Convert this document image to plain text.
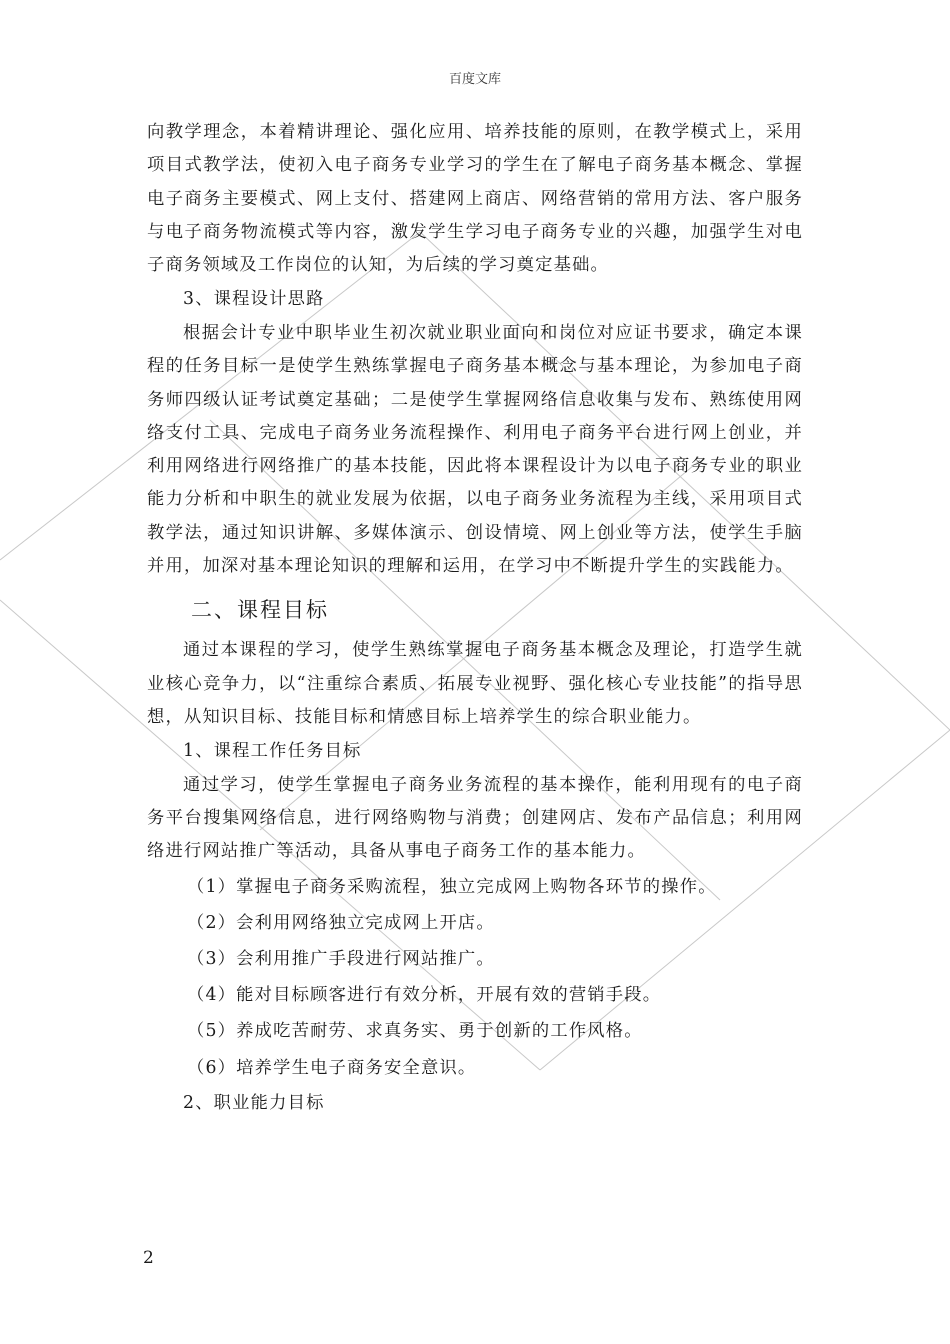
百度文库

向教学理念，本着精讲理论、强化应用、培养技能的原则，在教学模式上，采用项目式教学法，使初入电子商务专业学习的学生在了解电子商务基本概念、掌握电子商务主要模式、网上支付、搭建网上商店、网络营销的常用方法、客户服务与电子商务物流模式等内容，激发学生学习电子商务专业的兴趣，加强学生对电子商务领域及工作岗位的认知，为后续的学习奠定基础。

3、课程设计思路

根据会计专业中职毕业生初次就业职业面向和岗位对应证书要求，确定本课程的任务目标一是使学生熟练掌握电子商务基本概念与基本理论，为参加电子商务师四级认证考试奠定基础；二是使学生掌握网络信息收集与发布、熟练使用网络支付工具、完成电子商务业务流程操作、利用电子商务平台进行网上创业，并利用网络进行网络推广的基本技能，因此将本课程设计为以电子商务专业的职业能力分析和中职生的就业发展为依据，以电子商务业务流程为主线，采用项目式教学法，通过知识讲解、多媒体演示、创设情境、网上创业等方法，使学生手脑并用，加深对基本理论知识的理解和运用，在学习中不断提升学生的实践能力。

二、课程目标

通过本课程的学习，使学生熟练掌握电子商务基本概念及理论，打造学生就业核心竞争力，以“注重综合素质、拓展专业视野、强化核心专业技能”的指导思想，从知识目标、技能目标和情感目标上培养学生的综合职业能力。

1、课程工作任务目标

通过学习，使学生掌握电子商务业务流程的基本操作，能利用现有的电子商务平台搜集网络信息，进行网络购物与消费；创建网店、发布产品信息；利用网络进行网站推广等活动，具备从事电子商务工作的基本能力。

（1）掌握电子商务采购流程，独立完成网上购物各环节的操作。

（2）会利用网络独立完成网上开店。

（3）会利用推广手段进行网站推广。

（4）能对目标顾客进行有效分析，开展有效的营销手段。

（5）养成吃苦耐劳、求真务实、勇于创新的工作风格。

（6）培养学生电子商务安全意识。

2、职业能力目标

2
